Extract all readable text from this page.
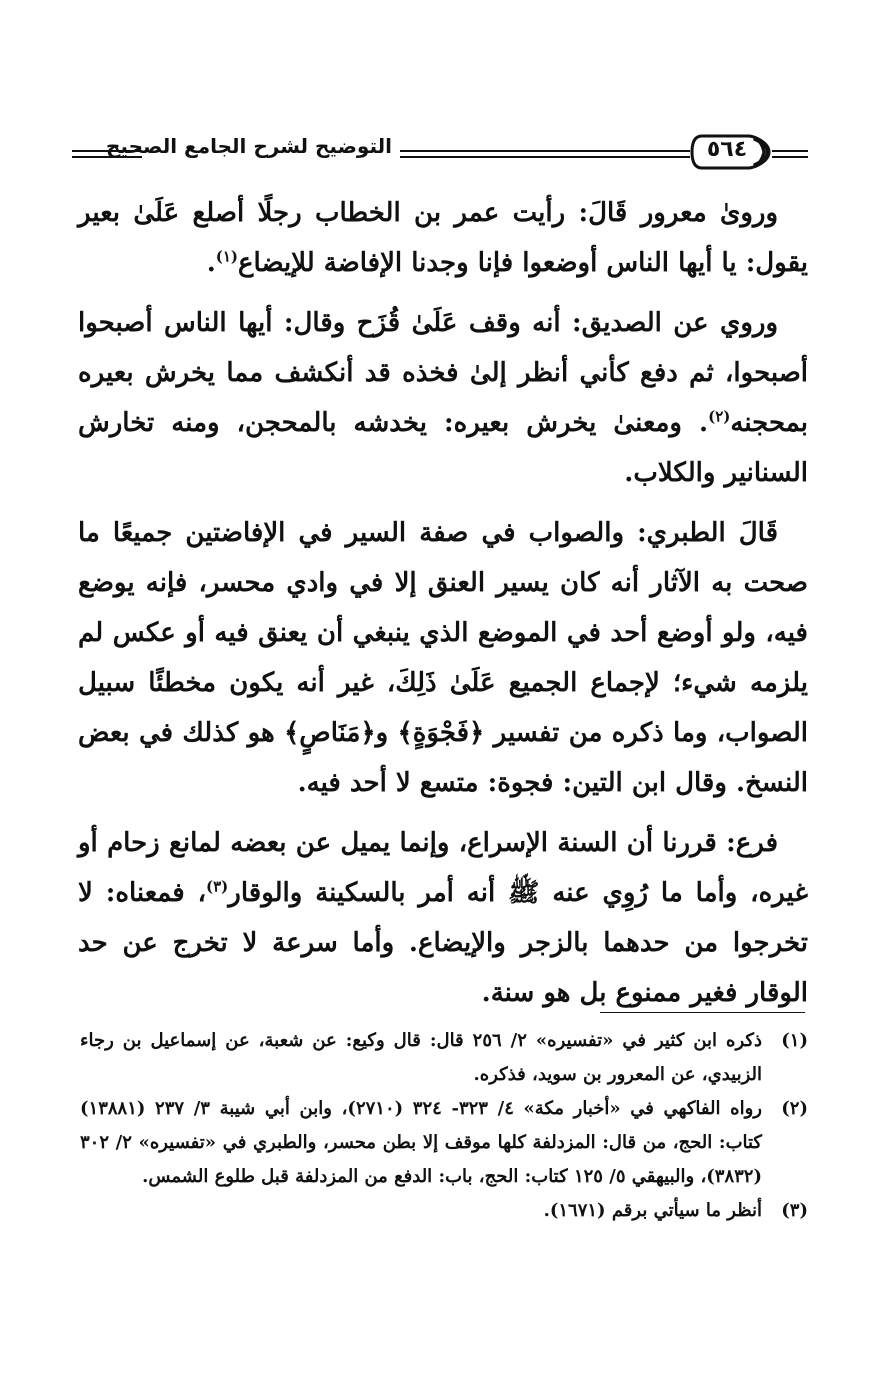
التوضيح لشرح الجامع الصحيح	٥٦٤

وروىٰ معرور قَالَ: رأيت عمر بن الخطاب رجلًا أصلع عَلَىٰ بعير يقول: يا أيها الناس أوضعوا فإنا وجدنا الإفاضة للإيضاع$^{(١)}$.

وروي عن الصديق: أنه وقف عَلَىٰ قُزَح وقال: أيها الناس أصبحوا أصبحوا، ثم دفع كأني أنظر إلىٰ فخذه قد أنكشف مما يخرش بعيره بمحجنه$^{(٢)}$. ومعنىٰ يخرش بعيره: يخدشه بالمحجن، ومنه تخارش السنانير والكلاب.

قَالَ الطبري: والصواب في صفة السير في الإفاضتين جميعًا ما صحت به الآثار أنه كان يسير العنق إلا في وادي محسر، فإنه يوضع فيه، ولو أوضع أحد في الموضع الذي ينبغي أن يعنق فيه أو عكس لم يلزمه شيء؛ لإجماع الجميع عَلَىٰ ذَلِكَ، غير أنه يكون مخطئًا سبيل الصواب، وما ذكره من تفسير ﴿فَجْوَةٍ﴾ و﴿مَنَاصٍ﴾ هو كذلك في بعض النسخ. وقال ابن التين: فجوة: متسع لا أحد فيه.

فرع: قررنا أن السنة الإسراع، وإنما يميل عن بعضه لمانع زحام أو غيره، وأما ما رُوِي عنه ﷺ أنه أمر بالسكينة والوقار$^{(٣)}$، فمعناه: لا تخرجوا من حدهما بالزجر والإيضاع. وأما سرعة لا تخرج عن حد الوقار فغير ممنوع بل هو سنة.

(١)
ذكره ابن كثير في «تفسيره» ٢/ ٢٥٦ قال: قال وكيع: عن شعبة، عن إسماعيل بن رجاء الزبيدي، عن المعرور بن سويد، فذكره.
(٢)
رواه الفاكهي في «أخبار مكة» ٤/ ٣٢٣- ٣٢٤ (٢٧١٠)، وابن أبي شيبة ٣/ ٢٣٧ (١٣٨٨١) كتاب: الحج، من قال: المزدلفة كلها موقف إلا بطن محسر، والطبري في «تفسيره» ٢/ ٣٠٢ (٣٨٣٢)، والبيهقي ٥/ ١٢٥ كتاب: الحج، باب: الدفع من المزدلفة قبل طلوع الشمس.
(٣)
أنظر ما سيأتي برقم (١٦٧١).
